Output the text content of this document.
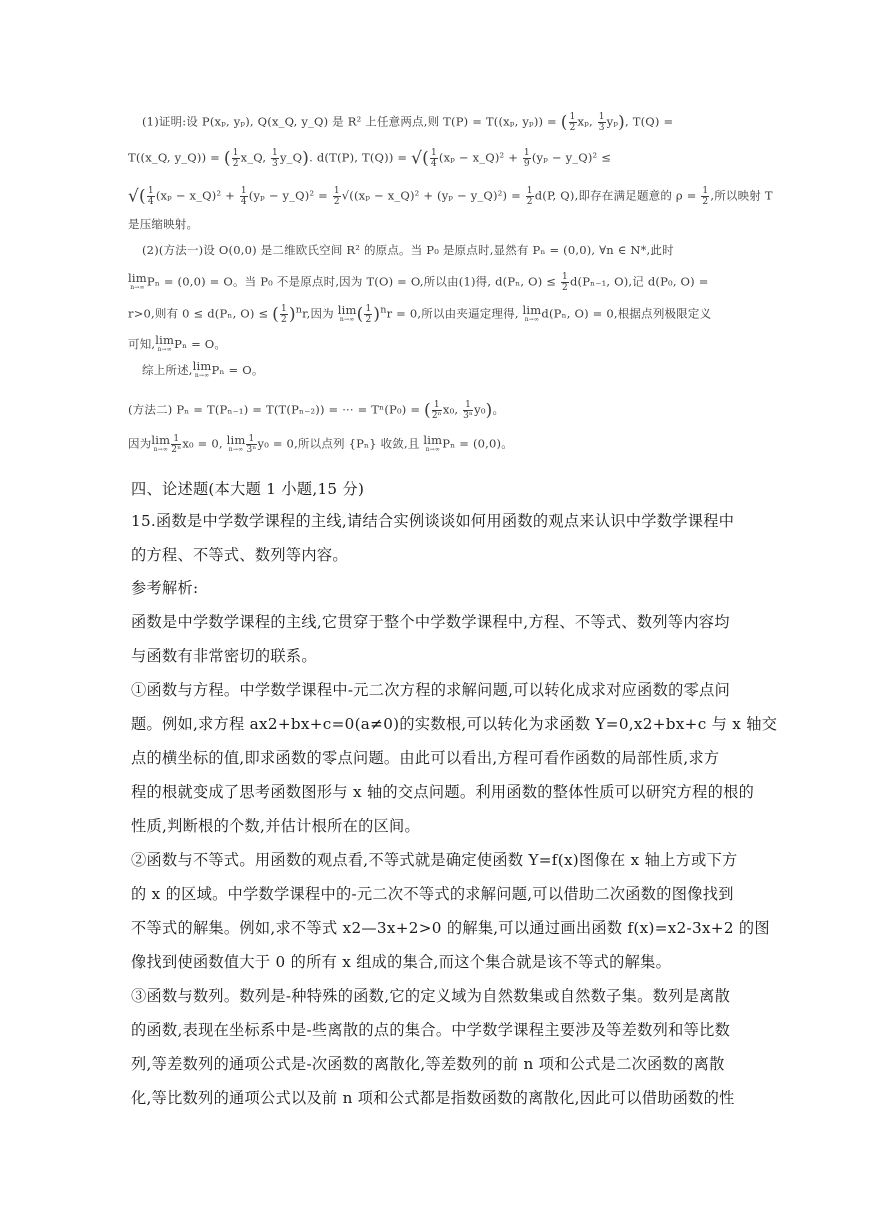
(1)证明:设 P(xₚ, yₚ), Q(x_Q, y_Q) 是 R² 上任意两点,则 T(P) = T((xₚ, yₚ)) = ( $\frac{1}{2} x_p$, $\frac{1}{3} y_p$), T(Q) =
T((x_Q, y_Q)) = ( $\frac{1}{2}$ x_Q, $\frac{1}{3}$ y_Q). d(T(P), T(Q)) = √( $\frac{1}{4} (x_p$ − x_Q)² + $\frac{1}{9} (y_p$ − y_Q)² ≤
√( $\frac{1}{4} (x_p$ − x_Q)² + $\frac{1}{4} (y_p$ − y_Q)² = $\frac{1}{2} √((x_p$ − x_Q)² + (yₚ − y_Q)²) = $\frac{1}{2} d(P$, Q),即存在满足题意的 $\rho = \frac{1}{2}$ ,所以映射 T
是压缩映射。
(2)(方法一)设 O(0,0) 是二维欧氏空间 R² 的原点。当 P₀ 是原点时,显然有 Pₙ = (0,0), ∀n ∈ N*,此时
lim
n→∞ Pₙ = (0,0) = O。当 P₀ 不是原点时,因为 T(O) = O,所以由(1)得, d(Pₙ, $O) \le \frac{1}{2} d(P_{n-1}$, O),记 d(P₀, O) =
r>0,则有 0 ≤ d(Pₙ, O) ≤ ( $\frac{1}{2} )^nr$,因为 lim
n→∞ ( $\frac{1}{2} )^nr = 0$,所以由夹逼定理得, lim
n→∞ d(Pₙ, O) = 0,根据点列极限定义
可知, lim
n→∞ Pₙ = O。
综上所述, lim
n→∞ Pₙ = O。
(方法二) Pₙ = T(Pₙ₋₁) = T(T(Pₙ₋₂)) = ··· = Tⁿ(P₀) = ( $\frac{1}{\text{2ⁿ}} x_0$, $\frac{1}{\text{3ⁿ}} y_0$)。
因为 lim
$n\to\infty \frac{1}{\text{2ⁿ}} x_0 = 0$, lim
$n\to\infty \frac{1}{\text{3ⁿ}} y_0 = 0$,所以点列 {Pₙ} 收敛,且 lim
n→∞ Pₙ = (0,0)。
四、论述题(本大题 1 小题,15 分)
15.函数是中学数学课程的主线,请结合实例谈谈如何用函数的观点来认识中学数学课程中
的方程、不等式、数列等内容。
参考解析:
函数是中学数学课程的主线,它贯穿于整个中学数学课程中,方程、不等式、数列等内容均
与函数有非常密切的联系。
①函数与方程。中学数学课程中-元二次方程的求解问题,可以转化成求对应函数的零点问
题。例如,求方程 ax2+bx+c=0(a≠0)的实数根,可以转化为求函数 Y=0,x2+bx+c 与 x 轴交
点的横坐标的值,即求函数的零点问题。由此可以看出,方程可看作函数的局部性质,求方
程的根就变成了思考函数图形与 x 轴的交点问题。利用函数的整体性质可以研究方程的根的
性质,判断根的个数,并估计根所在的区间。
②函数与不等式。用函数的观点看,不等式就是确定使函数 Y=f(x)图像在 x 轴上方或下方
的 x 的区域。中学数学课程中的-元二次不等式的求解问题,可以借助二次函数的图像找到
不等式的解集。例如,求不等式 x2—3x+2>0 的解集,可以通过画出函数 f(x)=x2-3x+2 的图
像找到使函数值大于 0 的所有 x 组成的集合,而这个集合就是该不等式的解集。
③函数与数列。数列是-种特殊的函数,它的定义域为自然数集或自然数子集。数列是离散
的函数,表现在坐标系中是-些离散的点的集合。中学数学课程主要涉及等差数列和等比数
列,等差数列的通项公式是-次函数的离散化,等差数列的前 n 项和公式是二次函数的离散
化,等比数列的通项公式以及前 n 项和公式都是指数函数的离散化,因此可以借助函数的性
